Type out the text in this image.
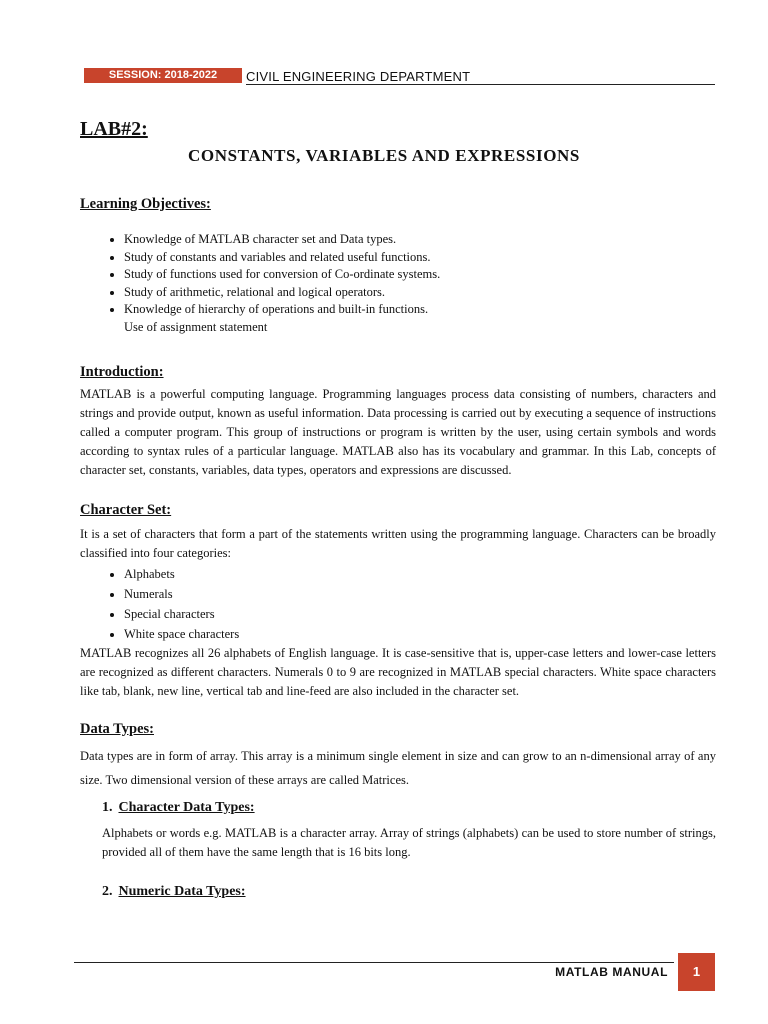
SESSION: 2018-2022	CIVIL ENGINEERING DEPARTMENT
LAB#2:
CONSTANTS, VARIABLES AND EXPRESSIONS
Learning Objectives:
• Knowledge of MATLAB character set and Data types.
• Study of constants and variables and related useful functions.
• Study of functions used for conversion of Co-ordinate systems.
• Study of arithmetic, relational and logical operators.
• Knowledge of hierarchy of operations and built-in functions.
Use of assignment statement
Introduction:

MATLAB is a powerful computing language. Programming languages process data consisting of numbers, characters and strings and provide output, known as useful information. Data processing is carried out by executing a sequence of instructions called a computer program. This group of instructions or program is written by the user, using certain symbols and words according to syntax rules of a particular language. MATLAB also has its vocabulary and grammar. In this Lab, concepts of character set, constants, variables, data types, operators and expressions are discussed.

Character Set:

It is a set of characters that form a part of the statements written using the programming language. Characters can be broadly classified into four categories:

• Alphabets
• Numerals
• Special characters
• White space characters

MATLAB recognizes all 26 alphabets of English language. It is case-sensitive that is, upper-case letters and lower-case letters are recognized as different characters. Numerals 0 to 9 are recognized in MATLAB special characters. White space characters like tab, blank, new line, vertical tab and line-feed are also included in the character set.

Data Types:

Data types are in form of array. This array is a minimum single element in size and can grow to an n-dimensional array of any size. Two dimensional version of these arrays are called Matrices.

1. Character Data Types:

Alphabets or words e.g. MATLAB is a character array. Array of strings (alphabets) can be used to store number of strings, provided all of them have the same length that is 16 bits long.

2. Numeric Data Types:
MATLAB MANUAL	1
